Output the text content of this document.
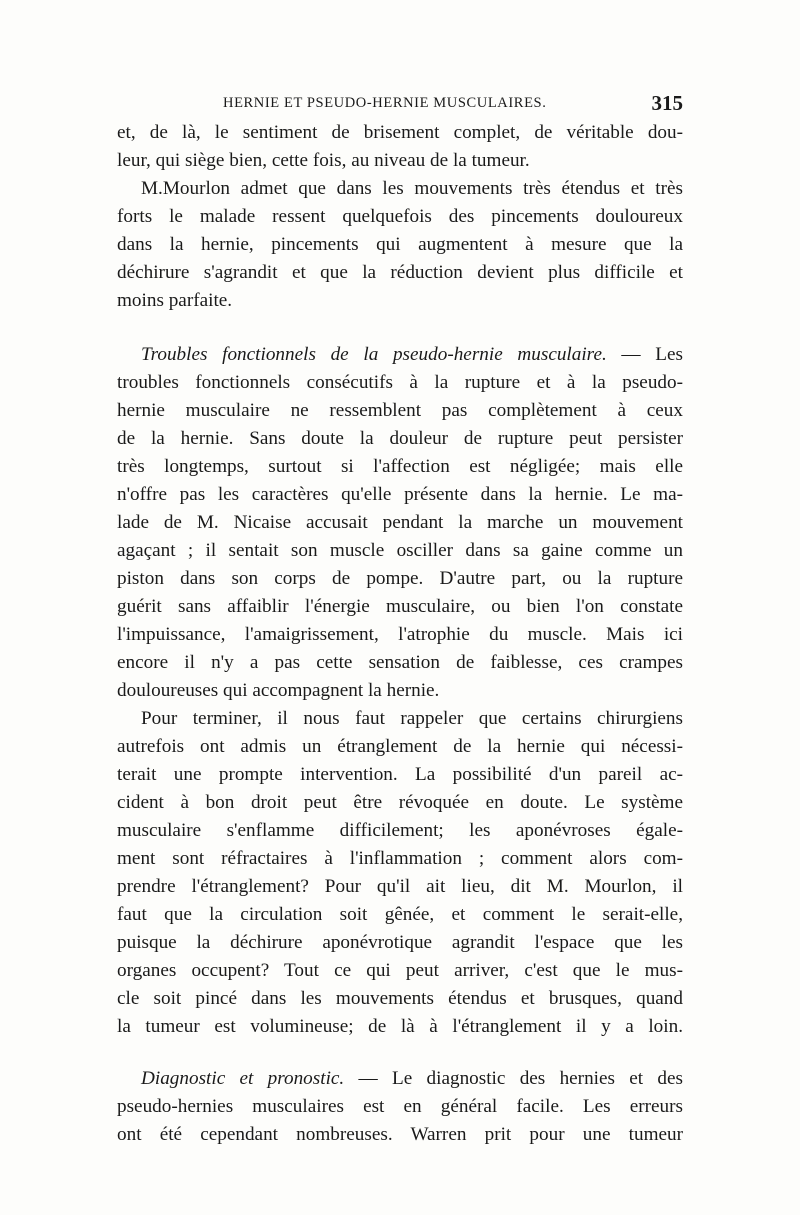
HERNIE ET PSEUDO-HERNIE MUSCULAIRES.	315
et, de là, le sentiment de brisement complet, de véritable dou-
leur, qui siège bien, cette fois, au niveau de la tumeur.
M.Mourlon admet que dans les mouvements très étendus et très
forts le malade ressent quelquefois des pincements douloureux
dans la hernie, pincements qui augmentent à mesure que la
déchirure s'agrandit et que la réduction devient plus difficile et
moins parfaite.
Troubles fonctionnels de la pseudo-hernie musculaire. — Les
troubles fonctionnels consécutifs à la rupture et à la pseudo-
hernie musculaire ne ressemblent pas complètement à ceux
de la hernie. Sans doute la douleur de rupture peut persister
très longtemps, surtout si l'affection est négligée; mais elle
n'offre pas les caractères qu'elle présente dans la hernie. Le ma-
lade de M. Nicaise accusait pendant la marche un mouvement
agaçant ; il sentait son muscle osciller dans sa gaine comme un
piston dans son corps de pompe. D'autre part, ou la rupture
guérit sans affaiblir l'énergie musculaire, ou bien l'on constate
l'impuissance, l'amaigrissement, l'atrophie du muscle. Mais ici
encore il n'y a pas cette sensation de faiblesse, ces crampes
douloureuses qui accompagnent la hernie.
Pour terminer, il nous faut rappeler que certains chirurgiens
autrefois ont admis un étranglement de la hernie qui nécessi-
terait une prompte intervention. La possibilité d'un pareil ac-
cident à bon droit peut être révoquée en doute. Le système
musculaire s'enflamme difficilement; les aponévroses égale-
ment sont réfractaires à l'inflammation ; comment alors com-
prendre l'étranglement? Pour qu'il ait lieu, dit M. Mourlon, il
faut que la circulation soit gênée, et comment le serait-elle,
puisque la déchirure aponévrotique agrandit l'espace que les
organes occupent? Tout ce qui peut arriver, c'est que le mus-
cle soit pincé dans les mouvements étendus et brusques, quand
la tumeur est volumineuse; de là à l'étranglement il y a loin.
Diagnostic et pronostic. — Le diagnostic des hernies et des
pseudo-hernies musculaires est en général facile. Les erreurs
ont été cependant nombreuses. Warren prit pour une tumeur
